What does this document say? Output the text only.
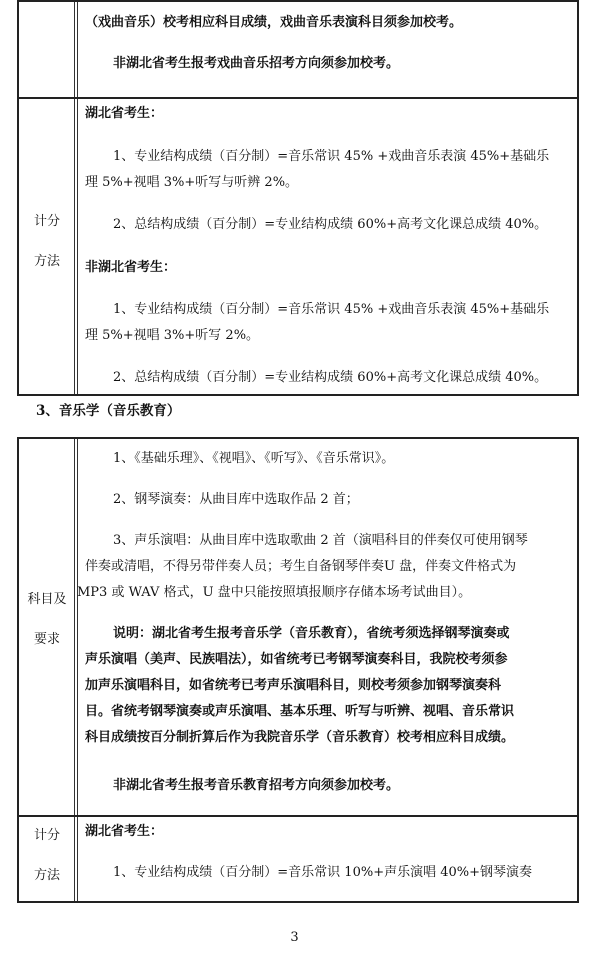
（戏曲音乐）校考相应科目成绩，戏曲音乐表演科目须参加校考。
非湖北省考生报考戏曲音乐招考方向须参加校考。
计分
方法
湖北省考生：
1、专业结构成绩（百分制）=音乐常识 45% +戏曲音乐表演 45%+基础乐
理 5%+视唱 3%+听写与听辨 2%。
2、总结构成绩（百分制）=专业结构成绩 60%+高考文化课总成绩 40%。
非湖北省考生：
1、专业结构成绩（百分制）=音乐常识 45% +戏曲音乐表演 45%+基础乐
理 5%+视唱 3%+听写 2%。
2、总结构成绩（百分制）=专业结构成绩 60%+高考文化课总成绩 40%。
3、音乐学（音乐教育）
科目及
要求
1、《基础乐理》、《视唱》、《听写》、《音乐常识》。
2、钢琴演奏：从曲目库中选取作品 2 首；
3、声乐演唱：从曲目库中选取歌曲 2 首（演唱科目的伴奏仅可使用钢琴
伴奏或清唱，不得另带伴奏人员；考生自备钢琴伴奏U 盘，伴奏文件格式为
MP3 或 WAV 格式，U 盘中只能按照填报顺序存储本场考试曲目）。
说明：湖北省考生报考音乐学（音乐教育），省统考须选择钢琴演奏或
声乐演唱（美声、民族唱法），如省统考已考钢琴演奏科目，我院校考须参
加声乐演唱科目，如省统考已考声乐演唱科目，则校考须参加钢琴演奏科
目。省统考钢琴演奏或声乐演唱、基本乐理、听写与听辨、视唱、音乐常识
科目成绩按百分制折算后作为我院音乐学（音乐教育）校考相应科目成绩。
非湖北省考生报考音乐教育招考方向须参加校考。
计分
方法
湖北省考生：
1、专业结构成绩（百分制）=音乐常识 10%+声乐演唱 40%+钢琴演奏
3
